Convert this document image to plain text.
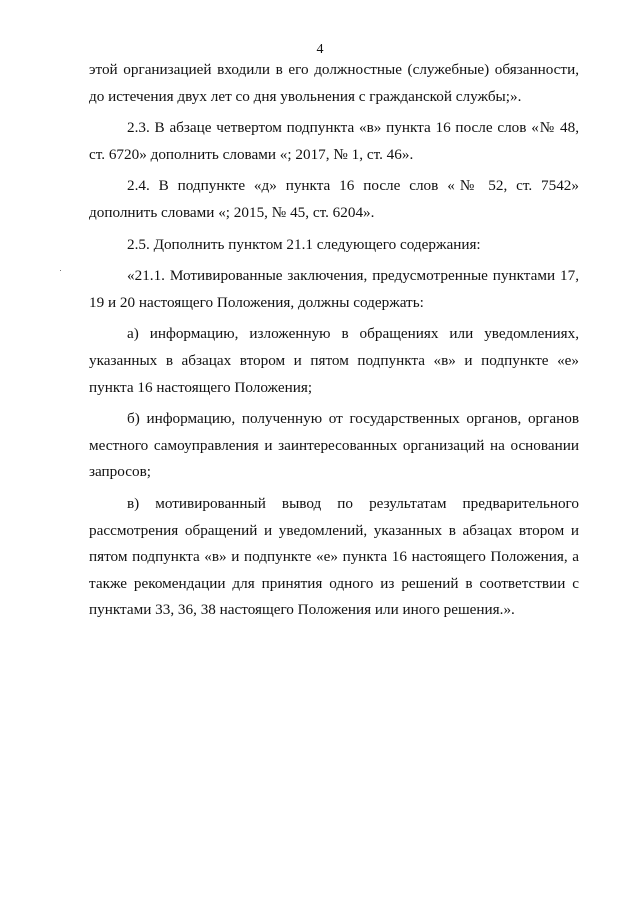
4

этой организацией входили в его должностные (служебные) обязанности, до истечения двух лет со дня увольнения с гражданской службы;».

2.3. В абзаце четвертом подпункта «в» пункта 16 после слов «№ 48, ст. 6720» дополнить словами «; 2017, № 1, ст. 46».

2.4. В подпункте «д» пункта 16 после слов «№ 52, ст. 7542» дополнить словами «; 2015, № 45, ст. 6204».

2.5. Дополнить пунктом 21.1 следующего содержания:

«21.1. Мотивированные заключения, предусмотренные пунктами 17, 19 и 20 настоящего Положения, должны содержать:

а) информацию, изложенную в обращениях или уведомлениях, указанных в абзацах втором и пятом подпункта «в» и подпункте «е» пункта 16 настоящего Положения;

б) информацию, полученную от государственных органов, органов местного самоуправления и заинтересованных организаций на основании запросов;

в) мотивированный вывод по результатам предварительного рассмотрения обращений и уведомлений, указанных в абзацах втором и пятом подпункта «в» и подпункте «е» пункта 16 настоящего Положения, а также рекомендации для принятия одного из решений в соответствии с пунктами 33, 36, 38 настоящего Положения или иного решения.».
